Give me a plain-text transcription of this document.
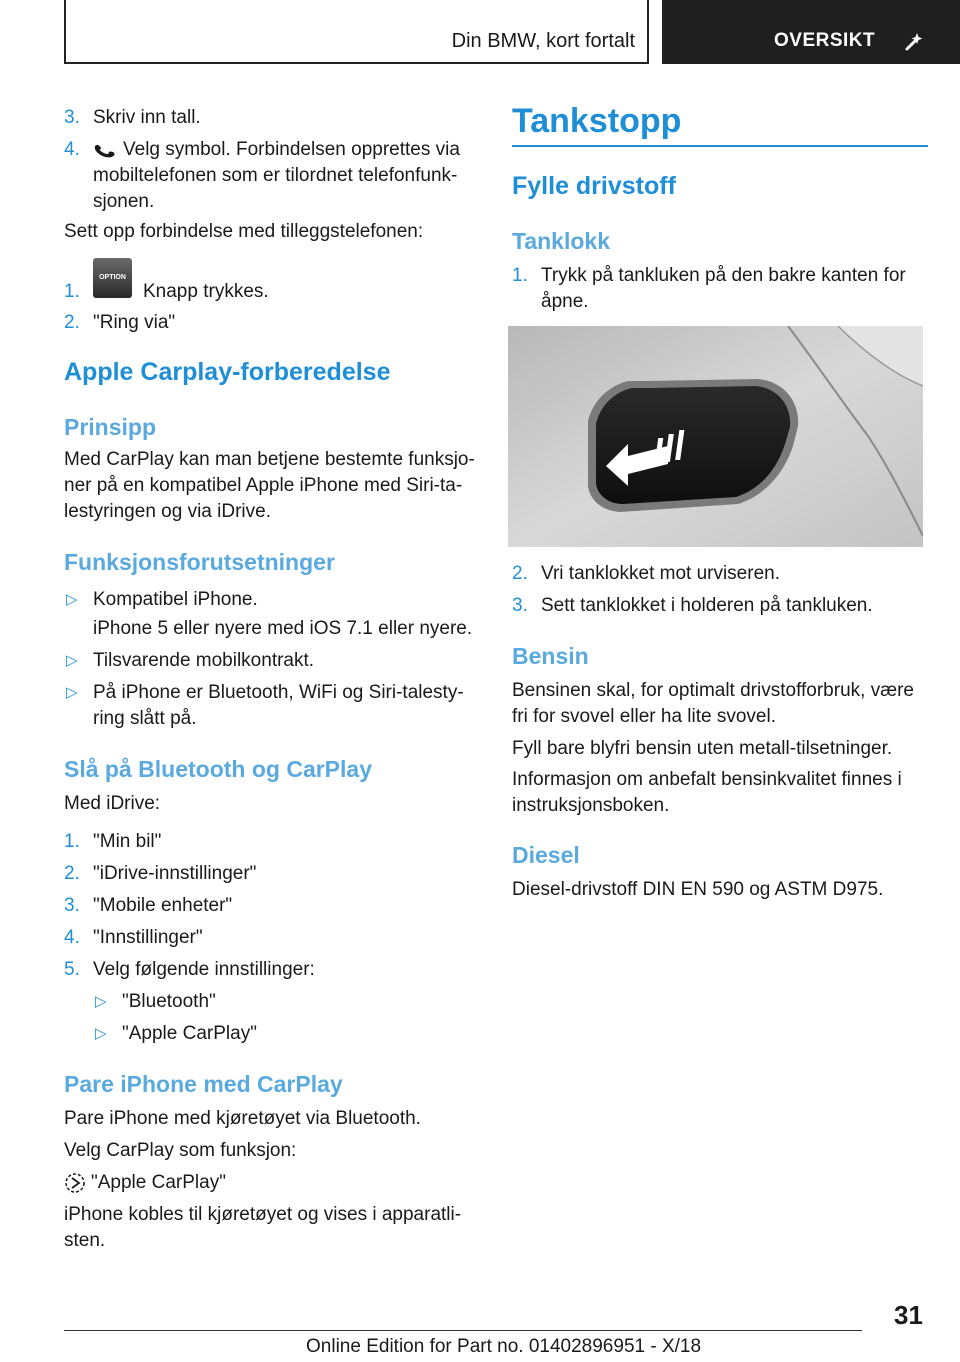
Din BMW, kort fortalt	OVERSIKT
3. Skriv inn tall.
4. Velg symbol. Forbindelsen opprettes via
mobiltelefonen som er tilordnet telefonfunk-
sjonen.
Sett opp forbindelse med tilleggstelefonen:
1.
OPTION
Knapp trykkes.
2. "Ring via"
Apple Carplay-forberedelse
Prinsipp
Med CarPlay kan man betjene bestemte funksjo-
ner på en kompatibel Apple iPhone med Siri-ta-
lestyringen og via iDrive.
Funksjonsforutsetninger
▷ Kompatibel iPhone.
iPhone 5 eller nyere med iOS 7.1 eller nyere.
▷ Tilsvarende mobilkontrakt.
▷ På iPhone er Bluetooth, WiFi og Siri-talesty-
ring slått på.
Slå på Bluetooth og CarPlay
Med iDrive:
1. "Min bil"
2. "iDrive-innstillinger"
3. "Mobile enheter"
4. "Innstillinger"
5. Velg følgende innstillinger:
▷ "Bluetooth"
▷ "Apple CarPlay"
Pare iPhone med CarPlay
Pare iPhone med kjøretøyet via Bluetooth.
Velg CarPlay som funksjon:
"Apple CarPlay"
iPhone kobles til kjøretøyet og vises i apparatli-
sten.
Tankstopp
Fylle drivstoff
Tanklokk
1. Trykk på tankluken på den bakre kanten for
åpne.
2. Vri tanklokket mot urviseren.
3. Sett tanklokket i holderen på tankluken.
Bensin
Bensinen skal, for optimalt drivstofforbruk, være
fri for svovel eller ha lite svovel.
Fyll bare blyfri bensin uten metall-tilsetninger.
Informasjon om anbefalt bensinkvalitet finnes i
instruksjonsboken.
Diesel
Diesel-drivstoff DIN EN 590 og ASTM D975.
31
Online Edition for Part no. 01402896951 - X/18
